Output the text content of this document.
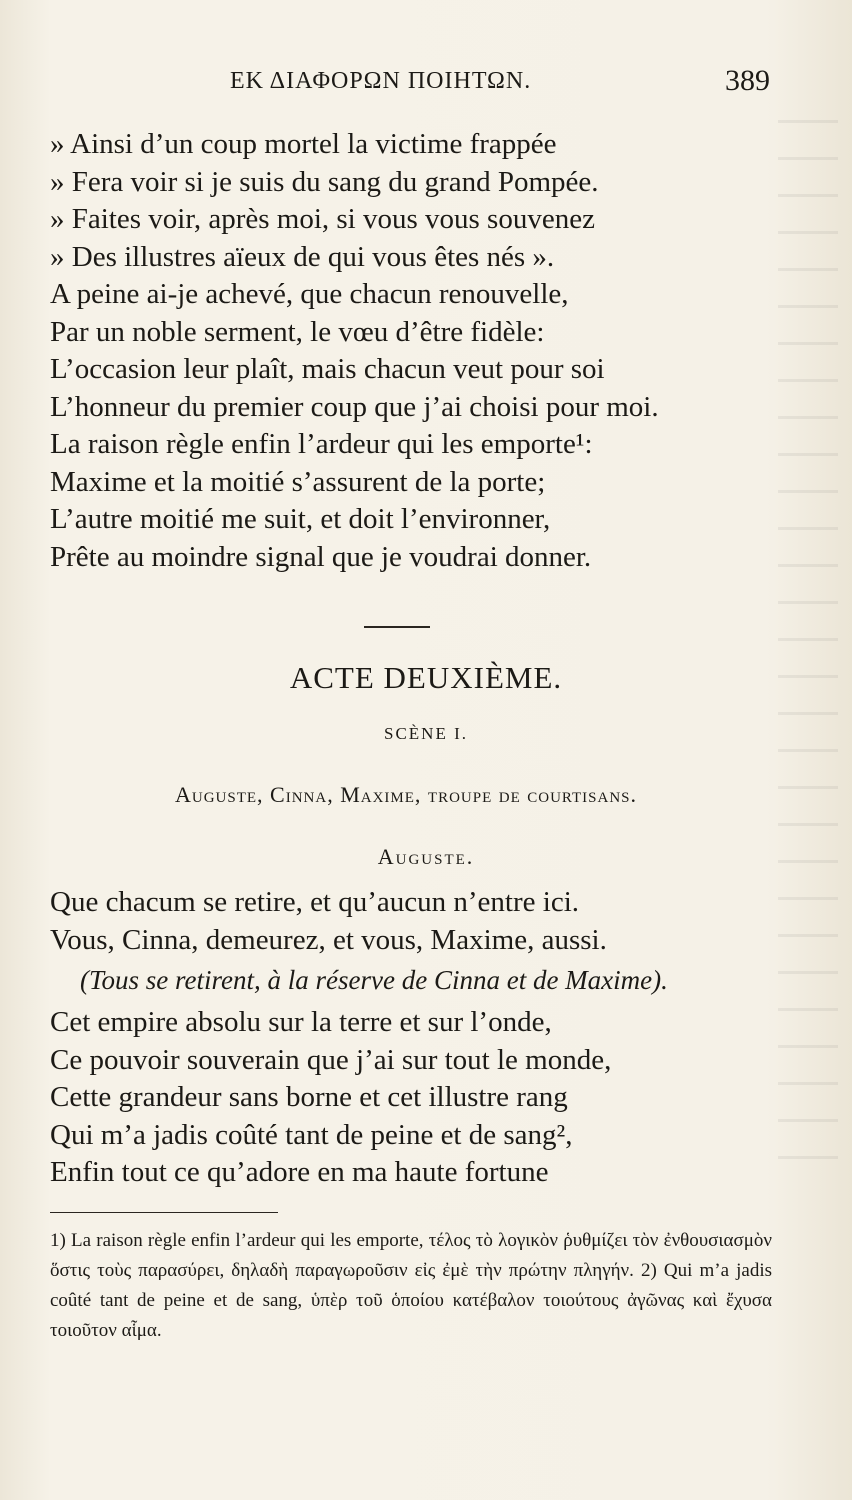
ΕΚ ΔΙΑΦΟΡΩΝ ΠΟΙΗΤΩΝ.	389
» Ainsi d’un coup mortel la victime frappée
» Fera voir si je suis du sang du grand Pompée.
» Faites voir, après moi, si vous vous souvenez
» Des illustres aïeux de qui vous êtes nés ».
A peine ai-je achevé, que chacun renouvelle,
Par un noble serment, le vœu d’être fidèle:
L’occasion leur plaît, mais chacun veut pour soi
L’honneur du premier coup que j’ai choisi pour moi.
La raison règle enfin l’ardeur qui les emporte¹:
Maxime et la moitié s’assurent de la porte;
L’autre moitié me suit, et doit l’environner,
Prête au moindre signal que je voudrai donner.
ACTE DEUXIÈME.
SCÈNE I.
Auguste, Cinna, Maxime, troupe de courtisans.
Auguste.
Que chacum se retire, et qu’aucun n’entre ici.
Vous, Cinna, demeurez, et vous, Maxime, aussi.
(Tous se retirent, à la réserve de Cinna et de Maxime).
Cet empire absolu sur la terre et sur l’onde,
Ce pouvoir souverain que j’ai sur tout le monde,
Cette grandeur sans borne et cet illustre rang
Qui m’a jadis coûté tant de peine et de sang²,
Enfin tout ce qu’adore en ma haute fortune
1) La raison règle enfin l’ardeur qui les emporte, τέλος τὸ λογικὸν ῥυθμίζει τὸν ἐνθουσιασμὸν ὅστις τοὺς παρασύρει, δηλαδὴ παραγωροῦσιν εἰς ἐμὲ τὴν πρώτην πληγήν. 2) Qui m’a jadis coûté tant de peine et de sang, ὑπὲρ τοῦ ὁποίου κατέβαλον τοιούτους ἀγῶνας καὶ ἔχυσα τοιοῦτον αἷμα.
